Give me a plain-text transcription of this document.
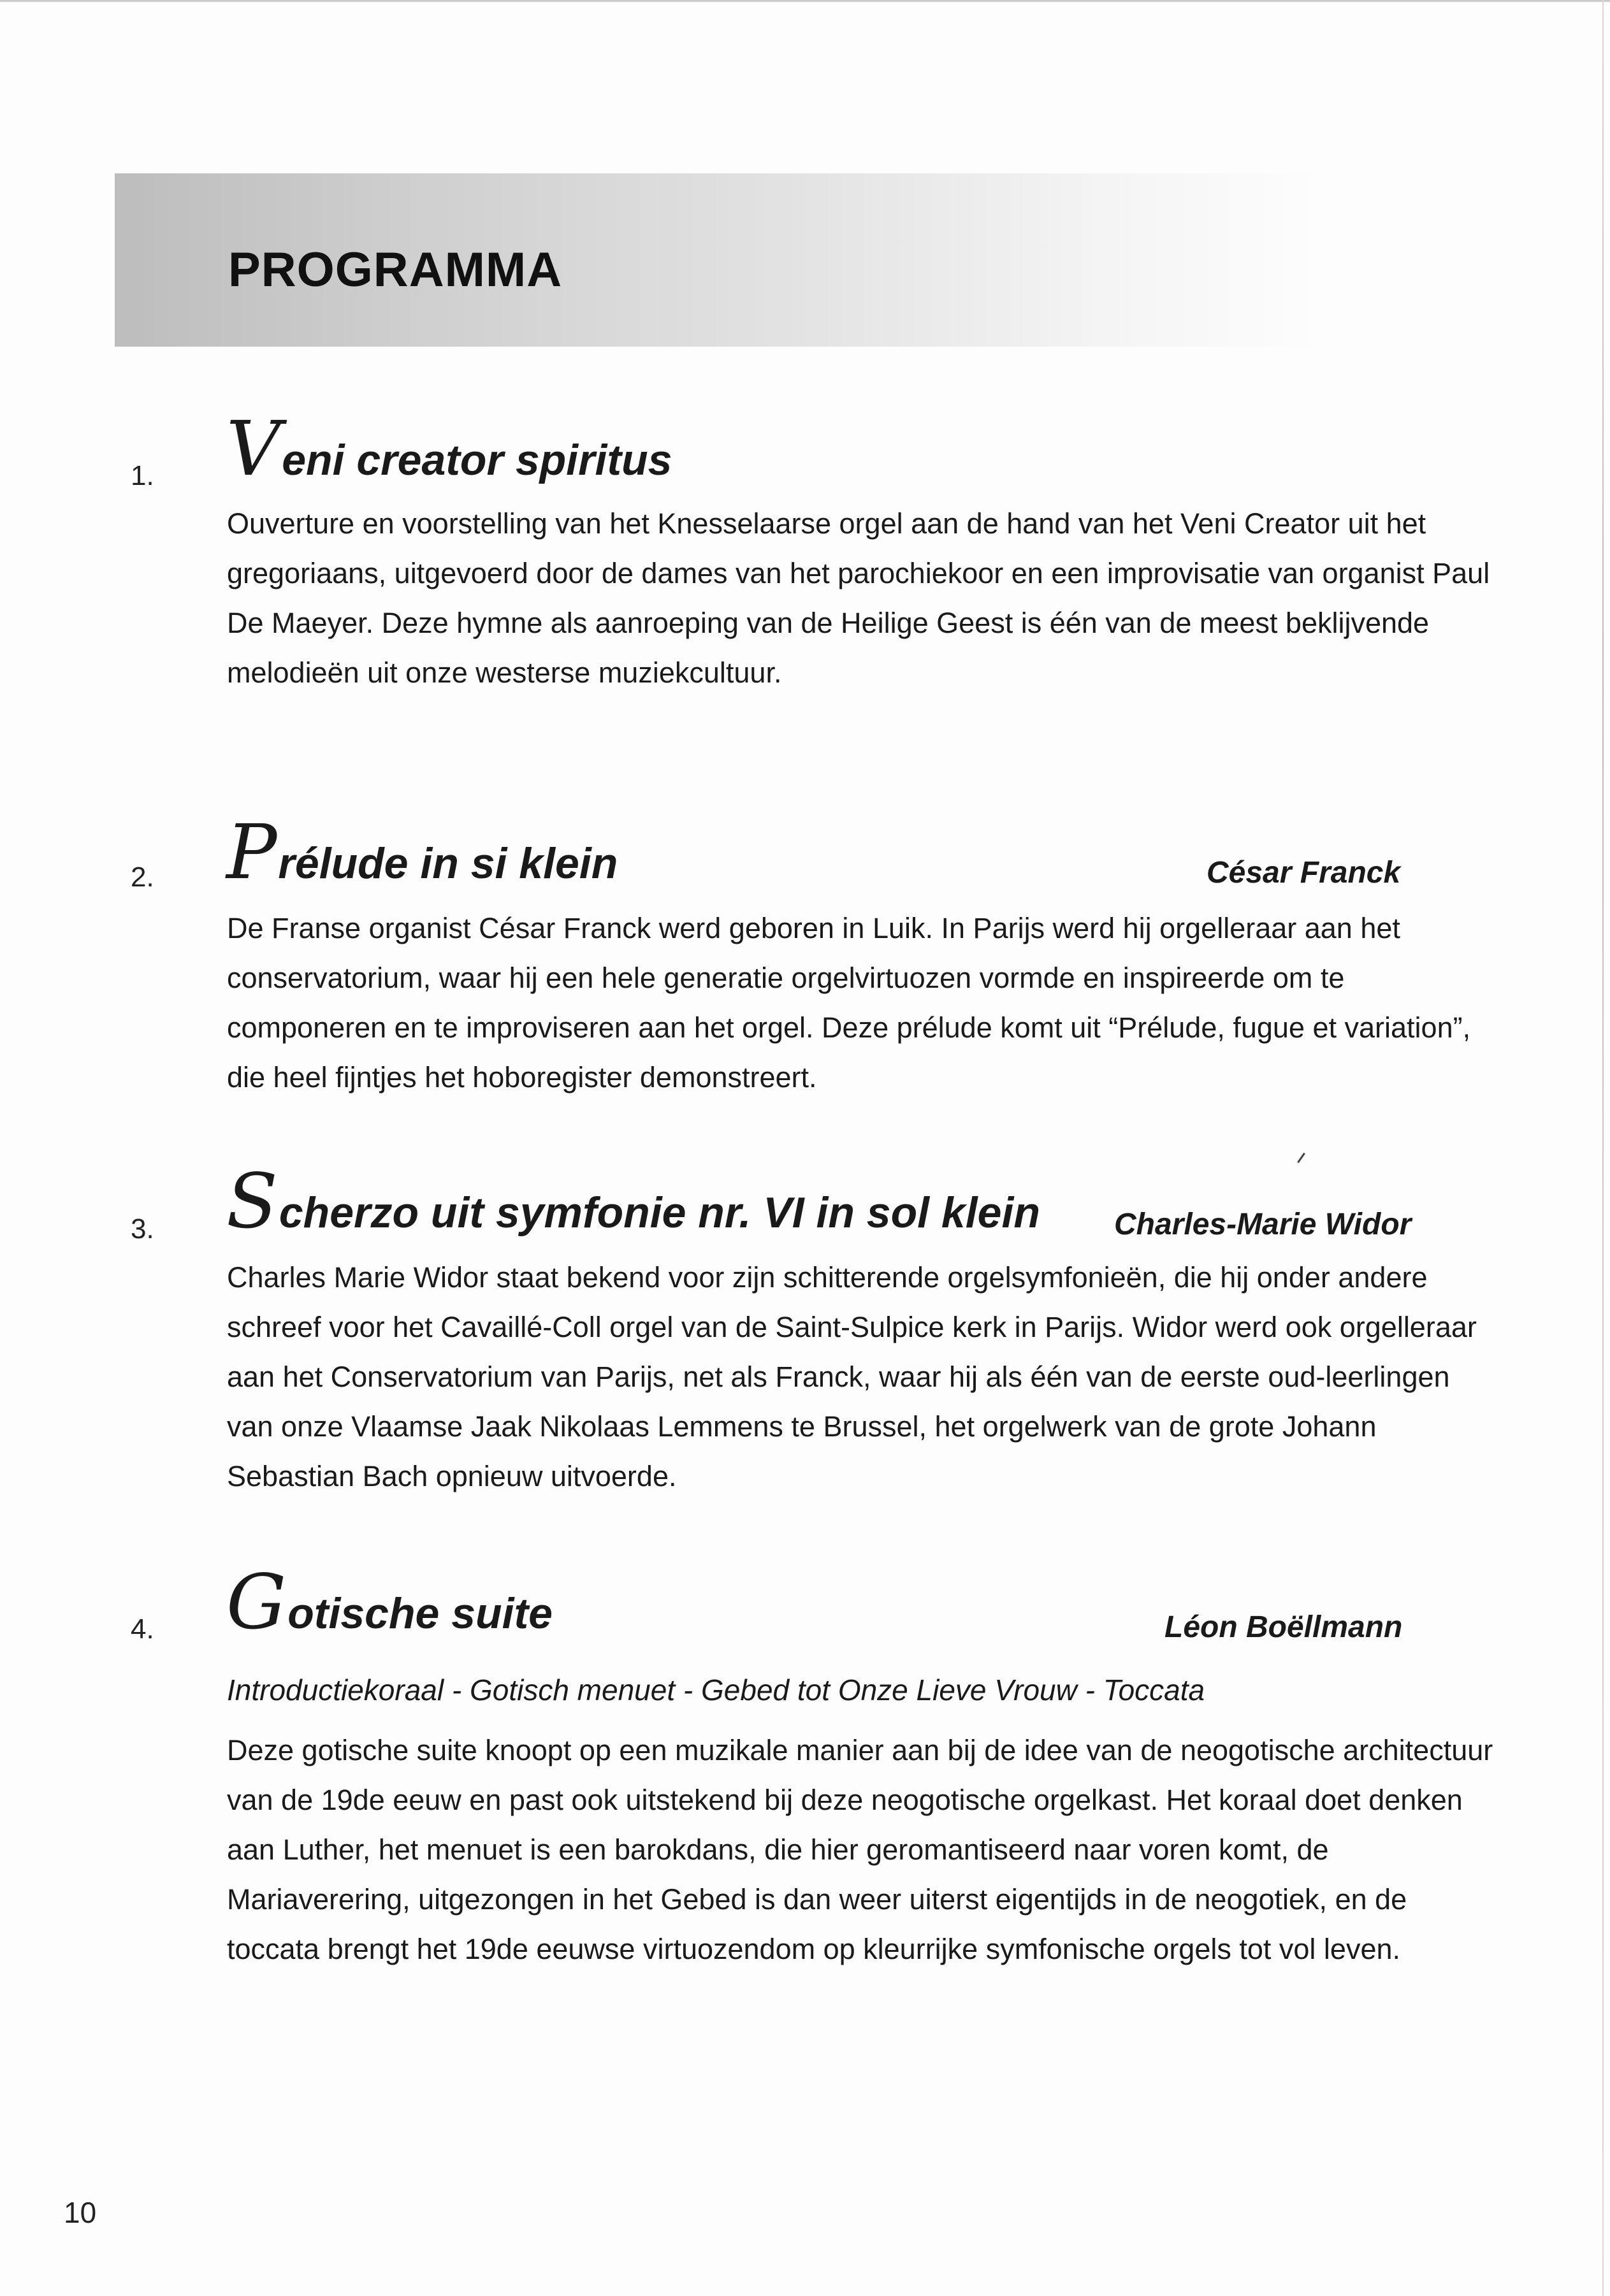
PROGRAMMA
1. V eni creator spiritus
Ouverture en voorstelling van het Knesselaarse orgel aan de hand van het Veni Creator uit het gregoriaans, uitgevoerd door de dames van het parochiekoor en een improvisatie van organist Paul De Maeyer. Deze hymne als aanroeping van de Heilige Geest is één van de meest beklijvende melodieën uit onze westerse muziekcultuur.
2. P rélude in si klein	César Franck
De Franse organist César Franck werd geboren in Luik. In Parijs werd hij orgelleraar aan het conservatorium, waar hij een hele generatie orgelvirtuozen vormde en inspireerde om te componeren en te improviseren aan het orgel. Deze prélude komt uit “Prélude, fugue et variation”, die heel fijntjes het hoboregister demonstreert.
3. S cherzo uit symfonie nr. VI in sol klein Charles-Marie Widor
Charles Marie Widor staat bekend voor zijn schitterende orgelsymfonieën, die hij onder andere schreef voor het Cavaillé-Coll orgel van de Saint-Sulpice kerk in Parijs. Widor werd ook orgelleraar aan het Conservatorium van Parijs, net als Franck, waar hij als één van de eerste oud-leerlingen van onze Vlaamse Jaak Nikolaas Lemmens te Brussel, het orgelwerk van de grote Johann Sebastian Bach opnieuw uitvoerde.
4. G otische suite	Léon Boëllmann
Introductiekoraal - Gotisch menuet - Gebed tot Onze Lieve Vrouw - Toccata
Deze gotische suite knoopt op een muzikale manier aan bij de idee van de neogotische architectuur van de 19de eeuw en past ook uitstekend bij deze neogotische orgelkast. Het koraal doet denken aan Luther, het menuet is een barokdans, die hier geromantiseerd naar voren komt, de Mariaverering, uitgezongen in het Gebed is dan weer uiterst eigentijds in de neogotiek, en de toccata brengt het 19de eeuwse virtuozendom op kleurrijke symfonische orgels tot vol leven.
10
